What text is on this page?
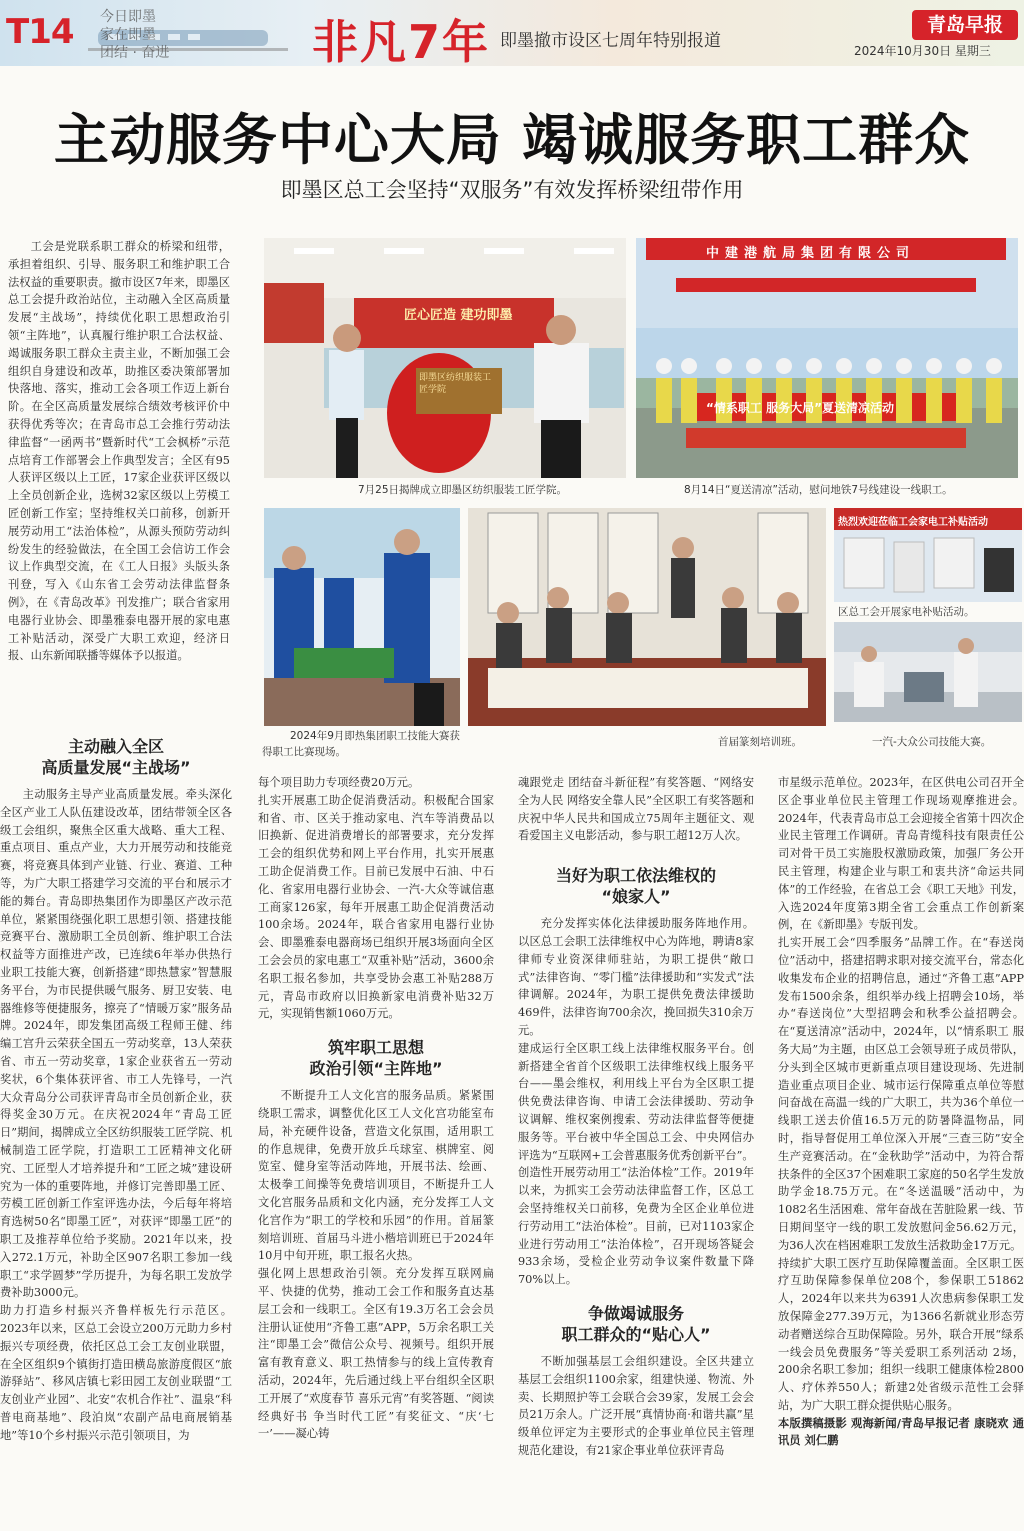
T14 今日即墨
家在即墨
团结 · 奋进	非凡7年 即墨撤市设区七周年特别报道
青岛早报
2024年10月30日 星期三
主动服务中心大局 竭诚服务职工群众
即墨区总工会坚持“双服务”有效发挥桥梁纽带作用

工会是党联系职工群众的桥梁和纽带，承担着组织、引导、服务职工和维护职工合法权益的重要职责。撤市设区7年来，即墨区总工会提升政治站位，主动融入全区高质量发展“主战场”，持续优化职工思想政治引领“主阵地”，认真履行维护职工合法权益、竭诚服务职工群众主责主业，不断加强工会组织自身建设和改革，助推区委决策部署加快落地、落实，推动工会各项工作迈上新台阶。在全区高质量发展综合绩效考核评价中获得优秀等次；在青岛市总工会推行劳动法律监督“一函两书”暨新时代“工会枫桥”示范点培育工作部署会上作典型发言；全区有95人获评区级以上工匠，17家企业获评区级以上全员创新企业，选树32家区级以上劳模工匠创新工作室；坚持维权关口前移，创新开展劳动用工“法治体检”，从源头预防劳动纠纷发生的经验做法，在全国工会信访工作会议上作典型交流，在《工人日报》头版头条刊登，写入《山东省工会劳动法律监督条例》，在《青岛改革》刊发推广；联合省家用电器行业协会、即墨雅泰电器开展的家电惠工补贴活动，深受广大职工欢迎，经济日报、山东新闻联播等媒体予以报道。

匠心匠造 建功即墨
即墨区纺织服装工匠学院
7月25日揭牌成立即墨区纺织服装工匠学院。
中建港航局集团有限公司
“情系职工 服务大局”夏送清凉活动
8月14日“夏送清凉”活动，慰问地铁7号线建设一线职工。
2024年9月即热集团职工技能大赛获得职工比赛现场。
首届篆刻培训班。
热烈欢迎莅临工会家电工补贴活动
区总工会开展家电补贴活动。
一汽-大众公司技能大赛。
主动融入全区
高质量发展“主战场”
主动服务主导产业高质量发展。牵头深化全区产业工人队伍建设改革，团结带领全区各级工会组织，聚焦全区重大战略、重大工程、重点项目、重点产业，大力开展劳动和技能竞赛，将竞赛具体到产业链、行业、赛道、工种等，为广大职工搭建学习交流的平台和展示才能的舞台。青岛即热集团作为即墨区产改示范单位，紧紧围绕强化职工思想引领、搭建技能竞赛平台、激励职工全员创新、维护职工合法权益等方面推进产改，已连续6年举办供热行业职工技能大赛，创新搭建“即热慧家”智慧服务平台，为市民提供暖气服务、厨卫安装、电器维修等便捷服务，擦亮了“情暖万家”服务品牌。2024年，即发集团高级工程师王健、纬编工宫升云荣获全国五一劳动奖章，13人荣获省、市五一劳动奖章，1家企业获省五一劳动奖状，6个集体获评省、市工人先锋号，一汽大众青岛分公司获评青岛市全员创新企业，获得奖金30万元。在庆祝2024年“青岛工匠日”期间，揭牌成立全区纺织服装工匠学院、机械制造工匠学院，打造职工工匠精神文化研究、工匠型人才培养提升和“工匠之城”建设研究为一体的重要阵地，并修订完善即墨工匠、劳模工匠创新工作室评选办法，今后每年将培育选树50名“即墨工匠”，对获评“即墨工匠”的职工及推荐单位给予奖励。2021年以来，投入272.1万元，补助全区907名职工参加一线职工“求学圆梦”学历提升，为每名职工发放学费补助3000元。
助力打造乡村振兴齐鲁样板先行示范区。2023年以来，区总工会设立200万元助力乡村振兴专项经费，依托区总工会工友创业联盟，在全区组织9个镇街打造田横岛旅游度假区“旅游驿站”、移风店镇七彩田园工友创业联盟“工友创业产业园”、北安“农机合作社”、温泉“科普电商基地”、段泊岚“农副产品电商展销基地”等10个乡村振兴示范引领项目，为
每个项目助力专项经费20万元。
扎实开展惠工助企促消费活动。积极配合国家和省、市、区关于推动家电、汽车等消费品以旧换新、促进消费增长的部署要求，充分发挥工会的组织优势和网上平台作用，扎实开展惠工助企促消费工作。目前已发展中石油、中石化、省家用电器行业协会、一汽-大众等诚信惠工商家126家，每年开展惠工助企促消费活动100余场。2024年，联合省家用电器行业协会、即墨雅泰电器商场已组织开展3场面向全区工会会员的家电惠工“双重补贴”活动，3600余名职工报名参加，共享受协会惠工补贴288万元，青岛市政府以旧换新家电消费补贴32万元，实现销售额1060万元。
筑牢职工思想
政治引领“主阵地”
不断提升工人文化宫的服务品质。紧紧围绕职工需求，调整优化区工人文化宫功能室布局，补充硬件设备，营造文化氛围，适用职工的作息规律，免费开放乒乓球室、棋牌室、阅览室、健身室等活动阵地，开展书法、绘画、太极拳工间操等免费培训项目，不断提升工人文化宫服务品质和文化内涵，充分发挥工人文化宫作为“职工的学校和乐园”的作用。首届篆刻培训班、首届马斗进小楷培训班已于2024年10月中旬开班，职工报名火热。
强化网上思想政治引领。充分发挥互联网扁平、快捷的优势，推动工会工作和服务直达基层工会和一线职工。全区有19.3万名工会会员注册认证使用“齐鲁工惠”APP，5万余名职工关注“即墨工会”微信公众号、视频号。组织开展富有教育意义、职工热情参与的线上宣传教育活动，2024年，先后通过线上平台组织全区职工开展了“欢度春节 喜乐元宵”有奖答题、“阅读经典好书 争当时代工匠”有奖征文、“庆‘七一’——凝心铸
魂跟党走 团结奋斗新征程”有奖答题、“网络安全为人民 网络安全靠人民”全区职工有奖答题和庆祝中华人民共和国成立75周年主题征文、观看爱国主义电影活动，参与职工超12万人次。
当好为职工依法维权的
“娘家人”
充分发挥实体化法律援助服务阵地作用。以区总工会职工法律维权中心为阵地，聘请8家律师专业资深律师驻站，为职工提供“敞口式”法律咨询、“零门槛”法律援助和“实发式”法律调解。2024年，为职工提供免费法律援助469件，法律咨询700余次，挽回损失310余万元。
建成运行全区职工线上法律维权服务平台。创新搭建全省首个区级职工法律维权线上服务平台——墨会维权，利用线上平台为全区职工提供免费法律咨询、申请工会法律援助、劳动争议调解、维权案例搜索、劳动法律监督等便捷服务等。平台被中华全国总工会、中央网信办评选为“互联网+工会普惠服务优秀创新平台”。
创造性开展劳动用工“法治体检”工作。2019年以来，为抓实工会劳动法律监督工作，区总工会坚持维权关口前移，免费为全区企业单位进行劳动用工“法治体检”。目前，已对1103家企业进行劳动用工“法治体检”，召开现场答疑会933余场，受检企业劳动争议案件数量下降70%以上。
争做竭诚服务
职工群众的“贴心人”
不断加强基层工会组织建设。全区共建立基层工会组织1100余家，组建快递、物流、外卖、长期照护等工会联合会39家，发展工会会员21万余人。广泛开展“真情协商·和谐共赢”星级单位评定为主要形式的企事业单位民主管理规范化建设，有21家企事业单位获评青岛
市星级示范单位。2023年，在区供电公司召开全区企事业单位民主管理工作现场观摩推进会。2024年，代表青岛市总工会迎接全省第十四次企业民主管理工作调研。青岛青缆科技有限责任公司对骨干员工实施股权激励政策，加强厂务公开民主管理，构建企业与职工和衷共济“命运共同体”的工作经验，在省总工会《职工天地》刊发，入选2024年度第3期全省工会重点工作创新案例，在《新即墨》专版刊发。
扎实开展工会“四季服务”品牌工作。在“春送岗位”活动中，搭建招聘求职对接交流平台，常态化收集发布企业的招聘信息，通过“齐鲁工惠”APP发布1500余条，组织举办线上招聘会10场，举办“春送岗位”大型招聘会和秋季公益招聘会。在“夏送清凉”活动中，2024年，以“情系职工 服务大局”为主题，由区总工会领导班子成员带队，分头到全区城市更新重点项目建设现场、先进制造业重点项目企业、城市运行保障重点单位等慰问奋战在高温一线的广大职工，共为36个单位一线职工送去价值16.5万元的防暑降温物品，同时，指导督促用工单位深入开展“三查三防”安全生产竞赛活动。在“金秋助学”活动中，为符合帮扶条件的全区37个困难职工家庭的50名学生发放助学金18.75万元。在“冬送温暖”活动中，为1082名生活困难、常年奋战在苦脏险累一线、节日期间坚守一线的职工发放慰问金56.62万元，为36人次在档困难职工发放生活救助金17万元。
持续扩大职工医疗互助保障覆盖面。全区职工医疗互助保障参保单位208个，参保职工51862人，2024年以来共为6391人次患病参保职工发放保障金277.39万元，为1366名新就业形态劳动者赠送综合互助保障险。另外，联合开展“绿系一线会员免费服务”等关爱职工系列活动 2场，200余名职工参加；组织一线职工健康体检2800人、疗休养550人；新建2处省级示范性工会驿站，为广大职工群众提供贴心服务。
本版撰稿摄影 观海新闻/青岛早报记者 康晓欢 通讯员 刘仁鹏
